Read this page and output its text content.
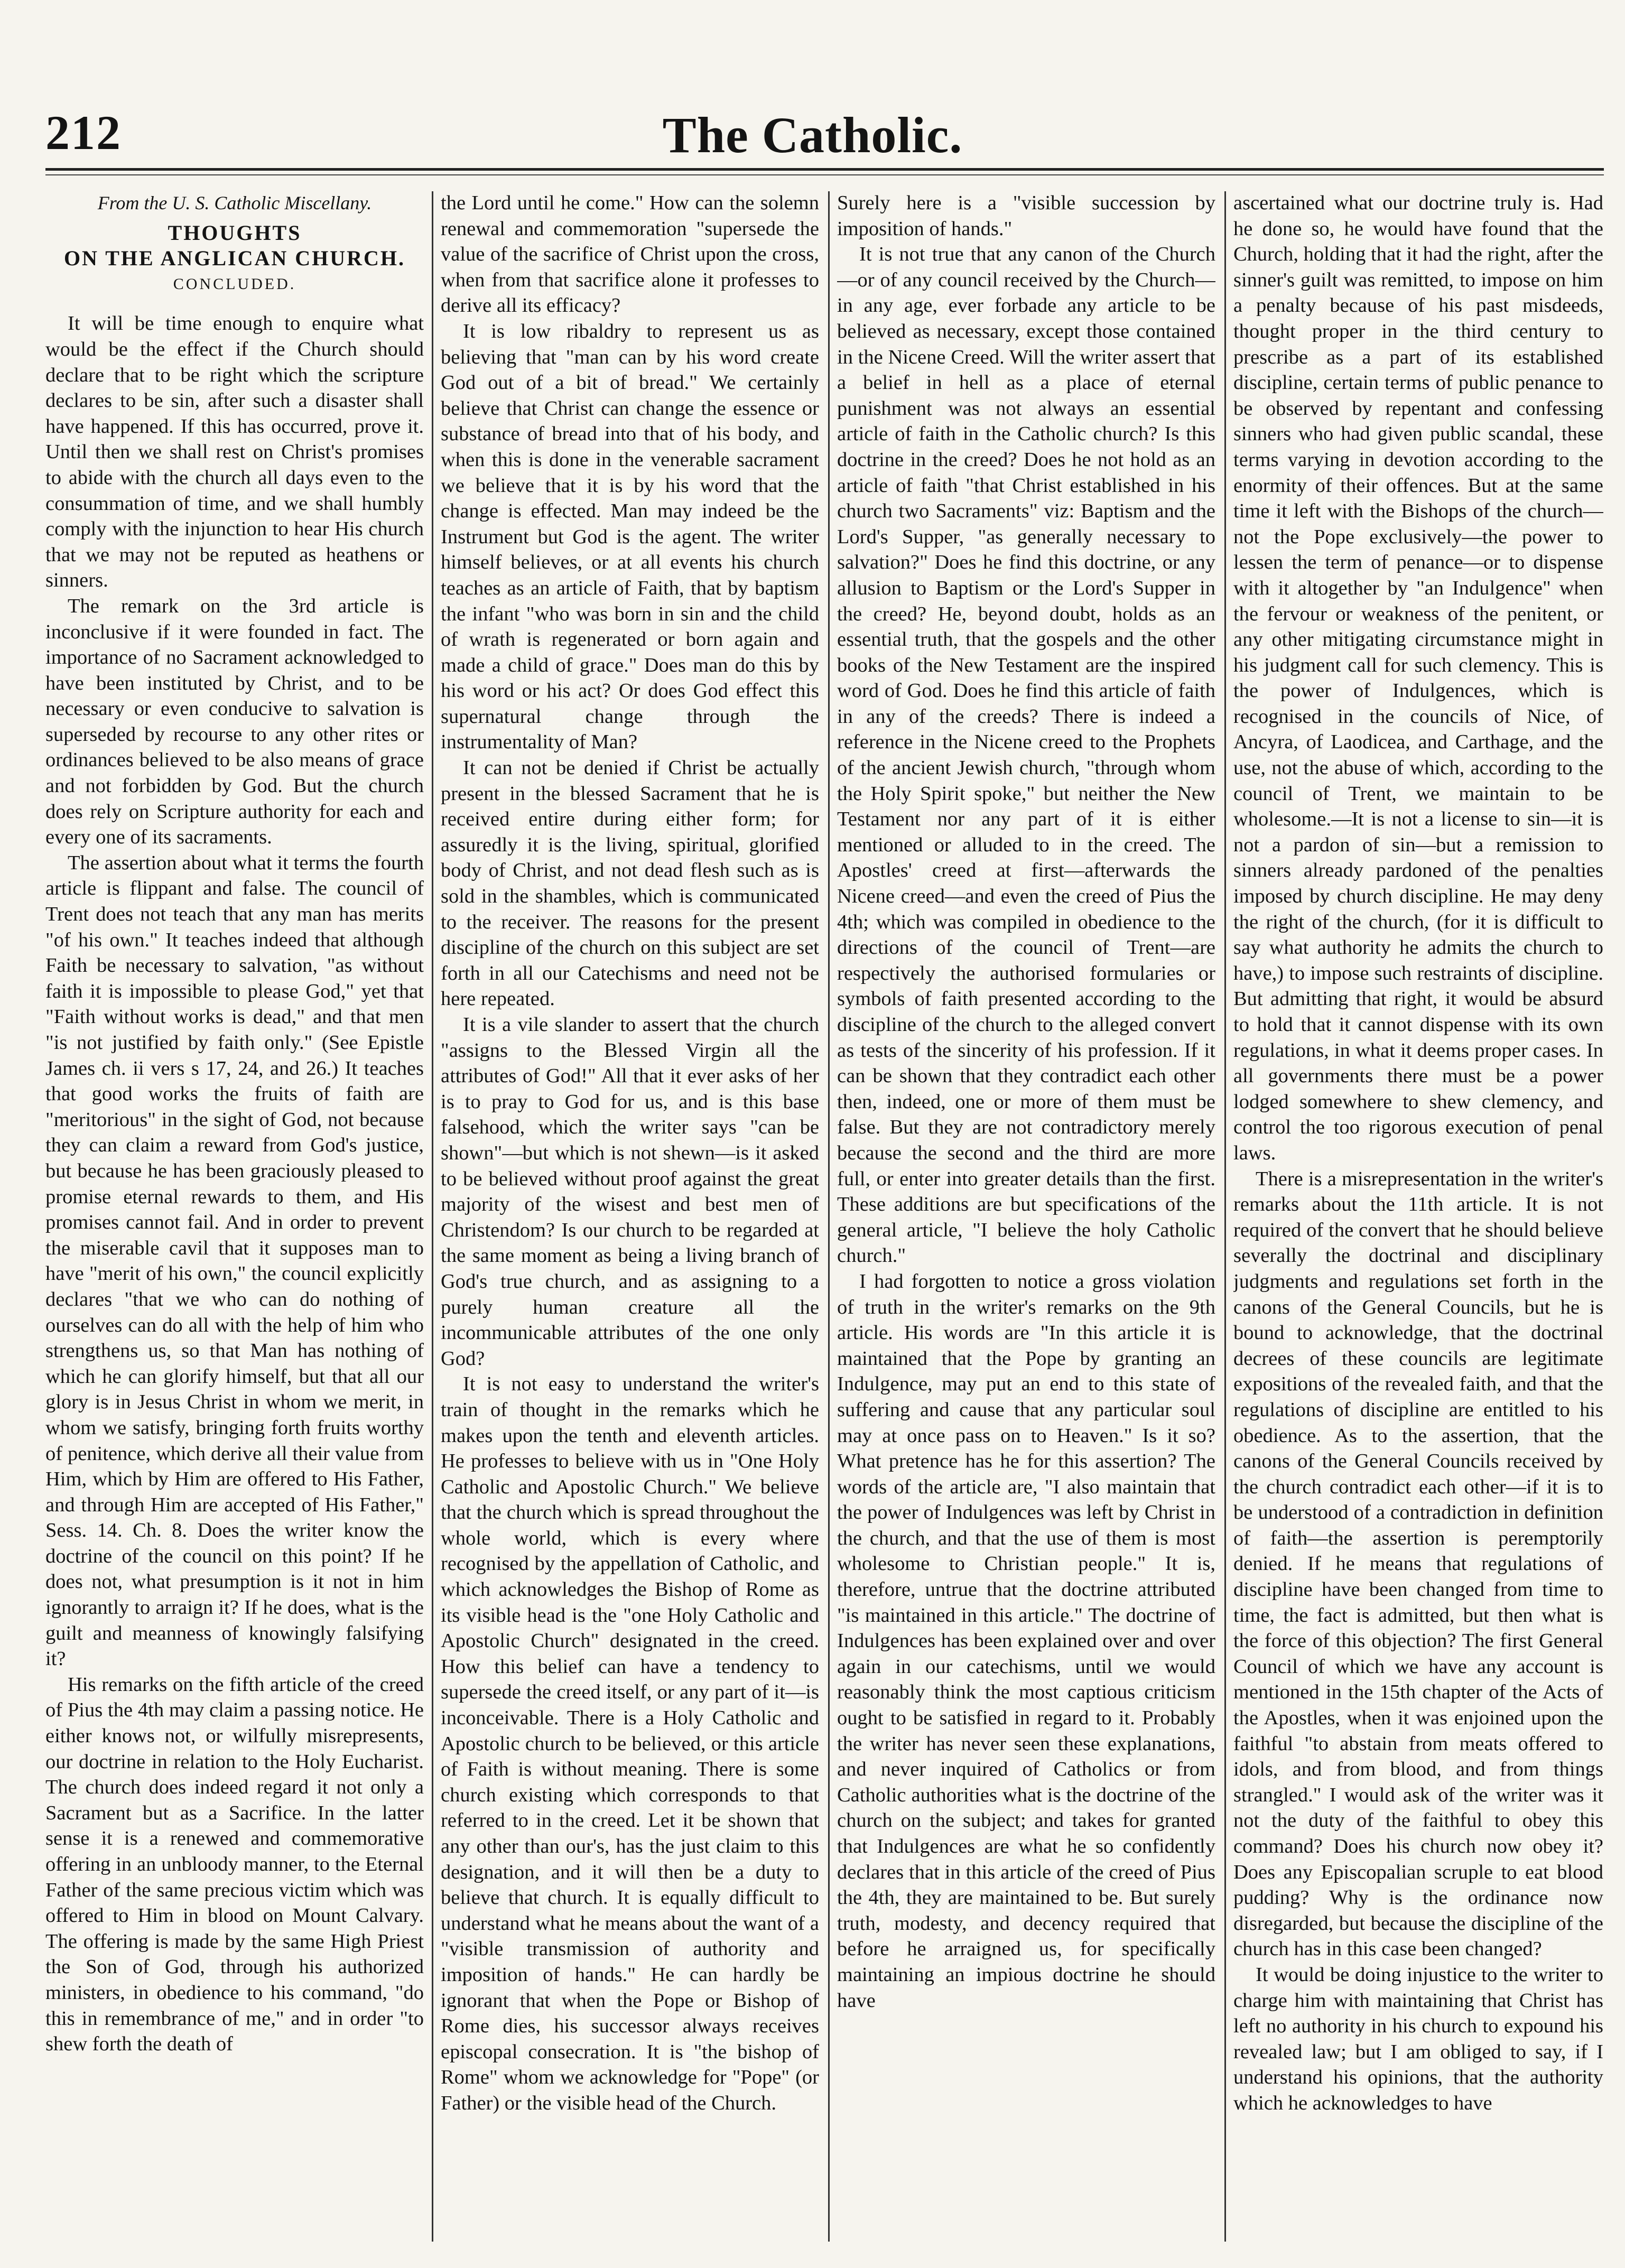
212	The Catholic.

From the U. S. Catholic Miscellany.

THOUGHTS

ON THE ANGLICAN CHURCH.

CONCLUDED.

It will be time enough to enquire what would be the effect if the Church should declare that to be right which the scripture declares to be sin, after such a disaster shall have happened. If this has occurred, prove it. Until then we shall rest on Christ's promises to abide with the church all days even to the consummation of time, and we shall humbly comply with the injunction to hear His church that we may not be reputed as heathens or sinners.

The remark on the 3rd article is inconclusive if it were founded in fact. The importance of no Sacrament acknowledged to have been instituted by Christ, and to be necessary or even conducive to salvation is superseded by recourse to any other rites or ordinances believed to be also means of grace and not forbidden by God. But the church does rely on Scripture authority for each and every one of its sacraments.

The assertion about what it terms the fourth article is flippant and false. The council of Trent does not teach that any man has merits "of his own." It teaches indeed that although Faith be necessary to salvation, "as without faith it is impossible to please God," yet that "Faith without works is dead," and that men "is not justified by faith only." (See Epistle James ch. ii vers s 17, 24, and 26.) It teaches that good works the fruits of faith are "meritorious" in the sight of God, not because they can claim a reward from God's justice, but because he has been graciously pleased to promise eternal rewards to them, and His promises cannot fail. And in order to prevent the miserable cavil that it supposes man to have "merit of his own," the council explicitly declares "that we who can do nothing of ourselves can do all with the help of him who strengthens us, so that Man has nothing of which he can glorify himself, but that all our glory is in Jesus Christ in whom we merit, in whom we satisfy, bringing forth fruits worthy of penitence, which derive all their value from Him, which by Him are offered to His Father, and through Him are accepted of His Father," Sess. 14. Ch. 8. Does the writer know the doctrine of the council on this point? If he does not, what presumption is it not in him ignorantly to arraign it? If he does, what is the guilt and meanness of knowingly falsifying it?

His remarks on the fifth article of the creed of Pius the 4th may claim a passing notice. He either knows not, or wilfully misrepresents, our doctrine in relation to the Holy Eucharist. The church does indeed regard it not only a Sacrament but as a Sacrifice. In the latter sense it is a renewed and commemorative offering in an unbloody manner, to the Eternal Father of the same precious victim which was offered to Him in blood on Mount Calvary. The offering is made by the same High Priest the Son of God, through his authorized ministers, in obedience to his command, "do this in remembrance of me," and in order "to shew forth the death of

the Lord until he come." How can the solemn renewal and commemoration "supersede the value of the sacrifice of Christ upon the cross, when from that sacrifice alone it professes to derive all its efficacy?

It is low ribaldry to represent us as believing that "man can by his word create God out of a bit of bread." We certainly believe that Christ can change the essence or substance of bread into that of his body, and when this is done in the venerable sacrament we believe that it is by his word that the change is effected. Man may indeed be the Instrument but God is the agent. The writer himself believes, or at all events his church teaches as an article of Faith, that by baptism the infant "who was born in sin and the child of wrath is regenerated or born again and made a child of grace." Does man do this by his word or his act? Or does God effect this supernatural change through the instrumentality of Man?

It can not be denied if Christ be actually present in the blessed Sacrament that he is received entire during either form; for assuredly it is the living, spiritual, glorified body of Christ, and not dead flesh such as is sold in the shambles, which is communicated to the receiver. The reasons for the present discipline of the church on this subject are set forth in all our Catechisms and need not be here repeated.

It is a vile slander to assert that the church "assigns to the Blessed Virgin all the attributes of God!" All that it ever asks of her is to pray to God for us, and is this base falsehood, which the writer says "can be shown"—but which is not shewn—is it asked to be believed without proof against the great majority of the wisest and best men of Christendom? Is our church to be regarded at the same moment as being a living branch of God's true church, and as assigning to a purely human creature all the incommunicable attributes of the one only God?

It is not easy to understand the writer's train of thought in the remarks which he makes upon the tenth and eleventh articles. He professes to believe with us in "One Holy Catholic and Apostolic Church." We believe that the church which is spread throughout the whole world, which is every where recognised by the appellation of Catholic, and which acknowledges the Bishop of Rome as its visible head is the "one Holy Catholic and Apostolic Church" designated in the creed. How this belief can have a tendency to supersede the creed itself, or any part of it—is inconceivable. There is a Holy Catholic and Apostolic church to be believed, or this article of Faith is without meaning. There is some church existing which corresponds to that referred to in the creed. Let it be shown that any other than our's, has the just claim to this designation, and it will then be a duty to believe that church. It is equally difficult to understand what he means about the want of a "visible transmission of authority and imposition of hands." He can hardly be ignorant that when the Pope or Bishop of Rome dies, his successor always receives episcopal consecration. It is "the bishop of Rome" whom we acknowledge for "Pope" (or Father) or the visible head of the Church.

Surely here is a "visible succession by imposition of hands."

It is not true that any canon of the Church—or of any council received by the Church—in any age, ever forbade any article to be believed as necessary, except those contained in the Nicene Creed. Will the writer assert that a belief in hell as a place of eternal punishment was not always an essential article of faith in the Catholic church? Is this doctrine in the creed? Does he not hold as an article of faith "that Christ established in his church two Sacraments" viz: Baptism and the Lord's Supper, "as generally necessary to salvation?" Does he find this doctrine, or any allusion to Baptism or the Lord's Supper in the creed? He, beyond doubt, holds as an essential truth, that the gospels and the other books of the New Testament are the inspired word of God. Does he find this article of faith in any of the creeds? There is indeed a reference in the Nicene creed to the Prophets of the ancient Jewish church, "through whom the Holy Spirit spoke," but neither the New Testament nor any part of it is either mentioned or alluded to in the creed. The Apostles' creed at first—afterwards the Nicene creed—and even the creed of Pius the 4th; which was compiled in obedience to the directions of the council of Trent—are respectively the authorised formularies or symbols of faith presented according to the discipline of the church to the alleged convert as tests of the sincerity of his profession. If it can be shown that they contradict each other then, indeed, one or more of them must be false. But they are not contradictory merely because the second and the third are more full, or enter into greater details than the first. These additions are but specifications of the general article, "I believe the holy Catholic church."

I had forgotten to notice a gross violation of truth in the writer's remarks on the 9th article. His words are "In this article it is maintained that the Pope by granting an Indulgence, may put an end to this state of suffering and cause that any particular soul may at once pass on to Heaven." Is it so? What pretence has he for this assertion? The words of the article are, "I also maintain that the power of Indulgences was left by Christ in the church, and that the use of them is most wholesome to Christian people." It is, therefore, untrue that the doctrine attributed "is maintained in this article." The doctrine of Indulgences has been explained over and over again in our catechisms, until we would reasonably think the most captious criticism ought to be satisfied in regard to it. Probably the writer has never seen these explanations, and never inquired of Catholics or from Catholic authorities what is the doctrine of the church on the subject; and takes for granted that Indulgences are what he so confidently declares that in this article of the creed of Pius the 4th, they are maintained to be. But surely truth, modesty, and decency required that before he arraigned us, for specifically maintaining an impious doctrine he should have

ascertained what our doctrine truly is. Had he done so, he would have found that the Church, holding that it had the right, after the sinner's guilt was remitted, to impose on him a penalty because of his past misdeeds, thought proper in the third century to prescribe as a part of its established discipline, certain terms of public penance to be observed by repentant and confessing sinners who had given public scandal, these terms varying in devotion according to the enormity of their offences. But at the same time it left with the Bishops of the church—not the Pope exclusively—the power to lessen the term of penance—or to dispense with it altogether by "an Indulgence" when the fervour or weakness of the penitent, or any other mitigating circumstance might in his judgment call for such clemency. This is the power of Indulgences, which is recognised in the councils of Nice, of Ancyra, of Laodicea, and Carthage, and the use, not the abuse of which, according to the council of Trent, we maintain to be wholesome.—It is not a license to sin—it is not a pardon of sin—but a remission to sinners already pardoned of the penalties imposed by church discipline. He may deny the right of the church, (for it is difficult to say what authority he admits the church to have,) to impose such restraints of discipline. But admitting that right, it would be absurd to hold that it cannot dispense with its own regulations, in what it deems proper cases. In all governments there must be a power lodged somewhere to shew clemency, and control the too rigorous execution of penal laws.

There is a misrepresentation in the writer's remarks about the 11th article. It is not required of the convert that he should believe severally the doctrinal and disciplinary judgments and regulations set forth in the canons of the General Councils, but he is bound to acknowledge, that the doctrinal decrees of these councils are legitimate expositions of the revealed faith, and that the regulations of discipline are entitled to his obedience. As to the assertion, that the canons of the General Councils received by the church contradict each other—if it is to be understood of a contradiction in definition of faith—the assertion is peremptorily denied. If he means that regulations of discipline have been changed from time to time, the fact is admitted, but then what is the force of this objection? The first General Council of which we have any account is mentioned in the 15th chapter of the Acts of the Apostles, when it was enjoined upon the faithful "to abstain from meats offered to idols, and from blood, and from things strangled." I would ask of the writer was it not the duty of the faithful to obey this command? Does his church now obey it? Does any Episcopalian scruple to eat blood pudding? Why is the ordinance now disregarded, but because the discipline of the church has in this case been changed?

It would be doing injustice to the writer to charge him with maintaining that Christ has left no authority in his church to expound his revealed law; but I am obliged to say, if I understand his opinions, that the authority which he acknowledges to have
